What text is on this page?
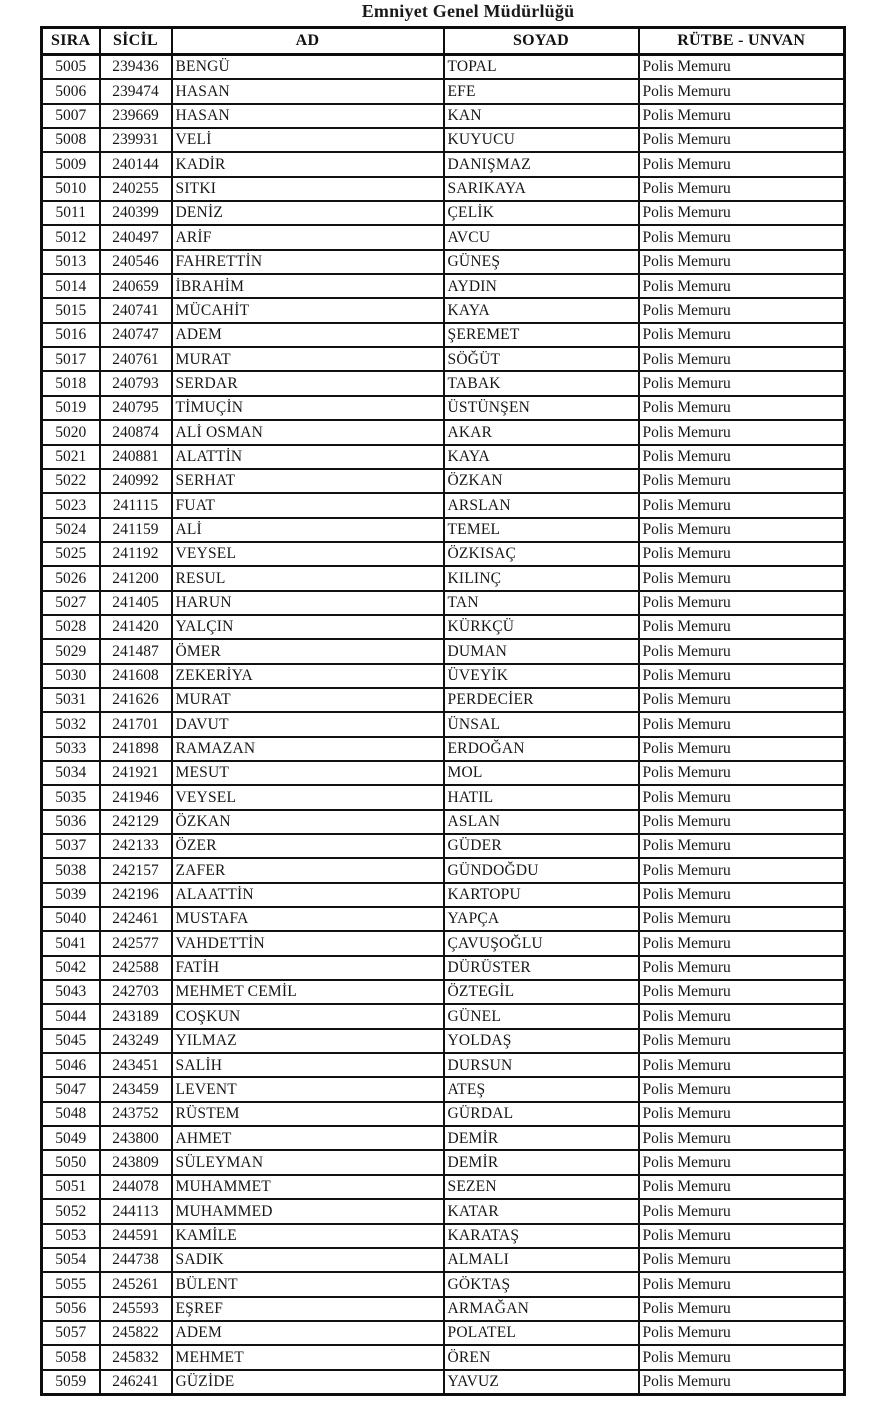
Emniyet Genel Müdürlüğü
SIRA	SİCİL	AD	SOYAD	RÜTBE - UNVAN
5005	239436	BENGÜ	TOPAL	Polis Memuru
5006	239474	HASAN	EFE	Polis Memuru
5007	239669	HASAN	KAN	Polis Memuru
5008	239931	VELİ	KUYUCU	Polis Memuru
5009	240144	KADİR	DANIŞMAZ	Polis Memuru
5010	240255	SITKI	SARIKAYA	Polis Memuru
5011	240399	DENİZ	ÇELİK	Polis Memuru
5012	240497	ARİF	AVCU	Polis Memuru
5013	240546	FAHRETTİN	GÜNEŞ	Polis Memuru
5014	240659	İBRAHİM	AYDIN	Polis Memuru
5015	240741	MÜCAHİT	KAYA	Polis Memuru
5016	240747	ADEM	ŞEREMET	Polis Memuru
5017	240761	MURAT	SÖĞÜT	Polis Memuru
5018	240793	SERDAR	TABAK	Polis Memuru
5019	240795	TİMUÇİN	ÜSTÜNŞEN	Polis Memuru
5020	240874	ALİ OSMAN	AKAR	Polis Memuru
5021	240881	ALATTİN	KAYA	Polis Memuru
5022	240992	SERHAT	ÖZKAN	Polis Memuru
5023	241115	FUAT	ARSLAN	Polis Memuru
5024	241159	ALİ	TEMEL	Polis Memuru
5025	241192	VEYSEL	ÖZKISAÇ	Polis Memuru
5026	241200	RESUL	KILINÇ	Polis Memuru
5027	241405	HARUN	TAN	Polis Memuru
5028	241420	YALÇIN	KÜRKÇÜ	Polis Memuru
5029	241487	ÖMER	DUMAN	Polis Memuru
5030	241608	ZEKERİYA	ÜVEYİK	Polis Memuru
5031	241626	MURAT	PERDECİER	Polis Memuru
5032	241701	DAVUT	ÜNSAL	Polis Memuru
5033	241898	RAMAZAN	ERDOĞAN	Polis Memuru
5034	241921	MESUT	MOL	Polis Memuru
5035	241946	VEYSEL	HATIL	Polis Memuru
5036	242129	ÖZKAN	ASLAN	Polis Memuru
5037	242133	ÖZER	GÜDER	Polis Memuru
5038	242157	ZAFER	GÜNDOĞDU	Polis Memuru
5039	242196	ALAATTİN	KARTOPU	Polis Memuru
5040	242461	MUSTAFA	YAPÇA	Polis Memuru
5041	242577	VAHDETTİN	ÇAVUŞOĞLU	Polis Memuru
5042	242588	FATİH	DÜRÜSTER	Polis Memuru
5043	242703	MEHMET CEMİL	ÖZTEGİL	Polis Memuru
5044	243189	COŞKUN	GÜNEL	Polis Memuru
5045	243249	YILMAZ	YOLDAŞ	Polis Memuru
5046	243451	SALİH	DURSUN	Polis Memuru
5047	243459	LEVENT	ATEŞ	Polis Memuru
5048	243752	RÜSTEM	GÜRDAL	Polis Memuru
5049	243800	AHMET	DEMİR	Polis Memuru
5050	243809	SÜLEYMAN	DEMİR	Polis Memuru
5051	244078	MUHAMMET	SEZEN	Polis Memuru
5052	244113	MUHAMMED	KATAR	Polis Memuru
5053	244591	KAMİLE	KARATAŞ	Polis Memuru
5054	244738	SADIK	ALMALI	Polis Memuru
5055	245261	BÜLENT	GÖKTAŞ	Polis Memuru
5056	245593	EŞREF	ARMAĞAN	Polis Memuru
5057	245822	ADEM	POLATEL	Polis Memuru
5058	245832	MEHMET	ÖREN	Polis Memuru
5059	246241	GÜZİDE	YAVUZ	Polis Memuru
